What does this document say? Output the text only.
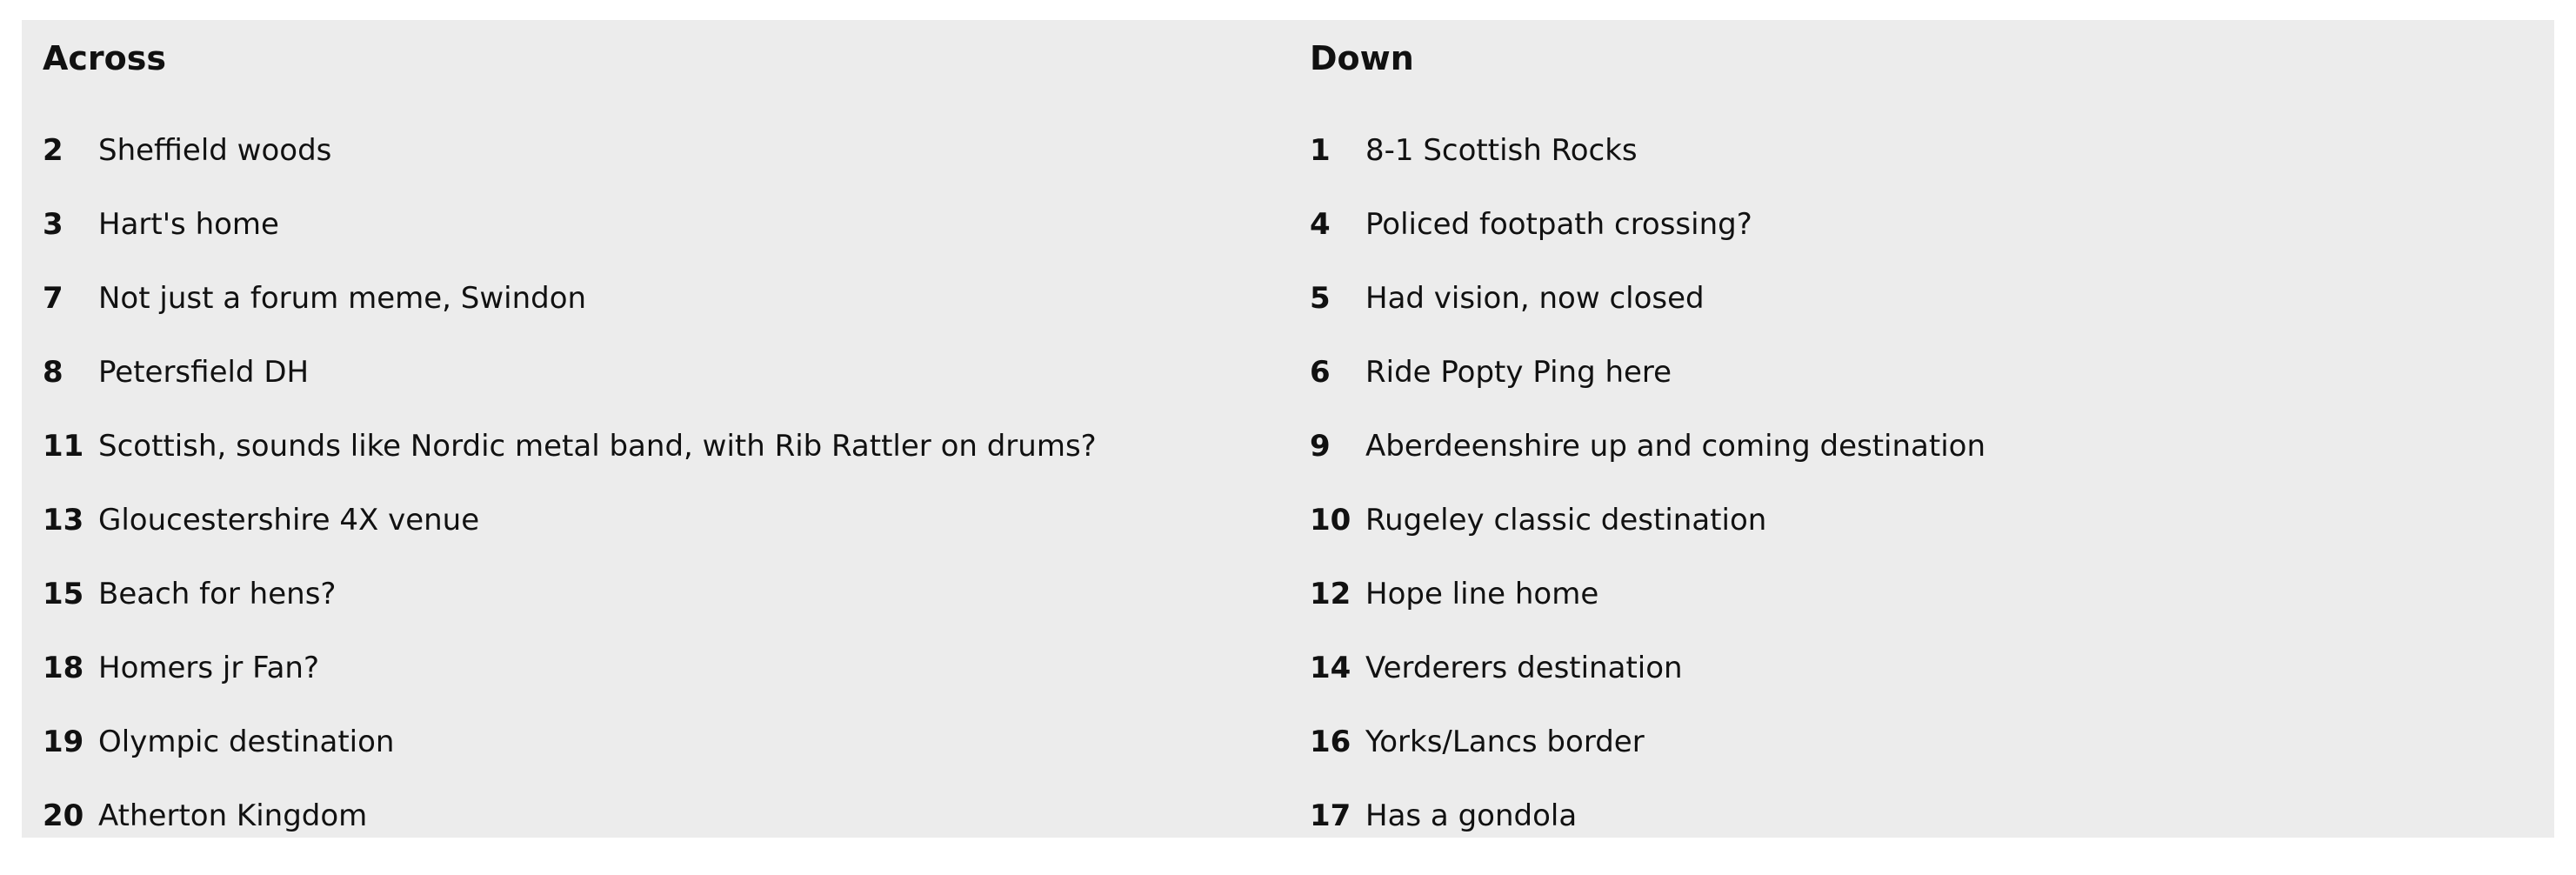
Across
2	Sheffield woods
3	Hart's home
7	Not just a forum meme, Swindon
8	Petersfield DH
11 Scottish, sounds like Nordic metal band, with Rib Rattler on drums?
13 Gloucestershire 4X venue
15 Beach for hens?
18 Homers jr Fan?
19 Olympic destination
20 Atherton Kingdom
Down
1	8-1 Scottish Rocks
4	Policed footpath crossing?
5	Had vision, now closed
6	Ride Popty Ping here
9	Aberdeenshire up and coming destination
10 Rugeley classic destination
12 Hope line home
14 Verderers destination
16 Yorks/Lancs border
17 Has a gondola
